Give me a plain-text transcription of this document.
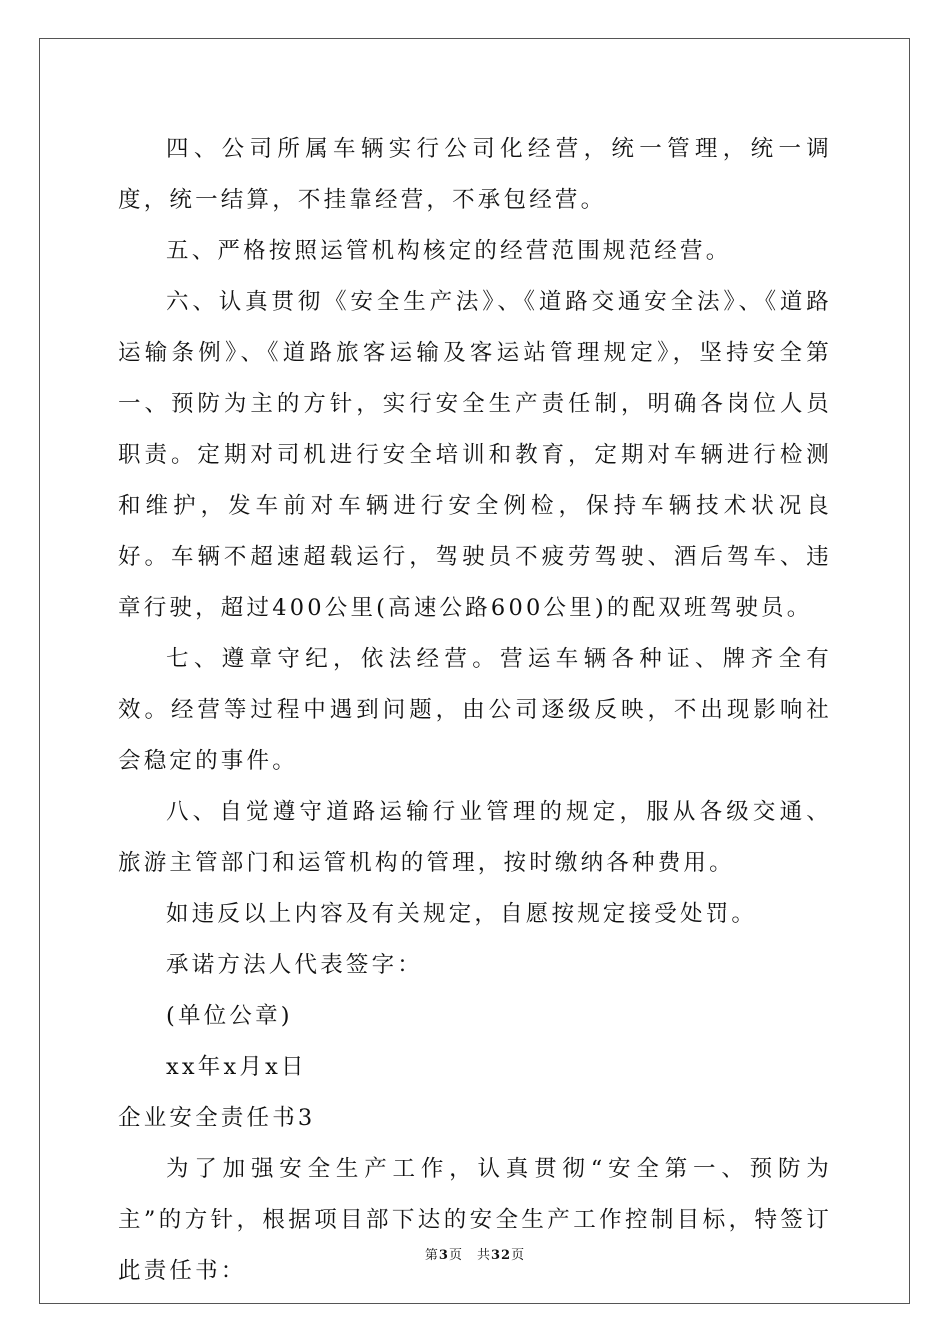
四、公司所属车辆实行公司化经营，统一管理，统一调度，统一结算，不挂靠经营，不承包经营。

五、严格按照运管机构核定的经营范围规范经营。

六、认真贯彻《安全生产法》、《道路交通安全法》、《道路运输条例》、《道路旅客运输及客运站管理规定》，坚持安全第一、预防为主的方针，实行安全生产责任制，明确各岗位人员职责。定期对司机进行安全培训和教育，定期对车辆进行检测和维护，发车前对车辆进行安全例检，保持车辆技术状况良好。车辆不超速超载运行，驾驶员不疲劳驾驶、酒后驾车、违章行驶，超过400公里(高速公路600公里)的配双班驾驶员。

七、遵章守纪，依法经营。营运车辆各种证、牌齐全有效。经营等过程中遇到问题，由公司逐级反映，不出现影响社会稳定的事件。

八、自觉遵守道路运输行业管理的规定，服从各级交通、旅游主管部门和运管机构的管理，按时缴纳各种费用。

如违反以上内容及有关规定，自愿按规定接受处罚。

承诺方法人代表签字：

(单位公章)

xx年x月x日

企业安全责任书3

为了加强安全生产工作，认真贯彻“安全第一、预防为主”的方针，根据项目部下达的安全生产工作控制目标，特签订此责任书：

第3页　共32页
